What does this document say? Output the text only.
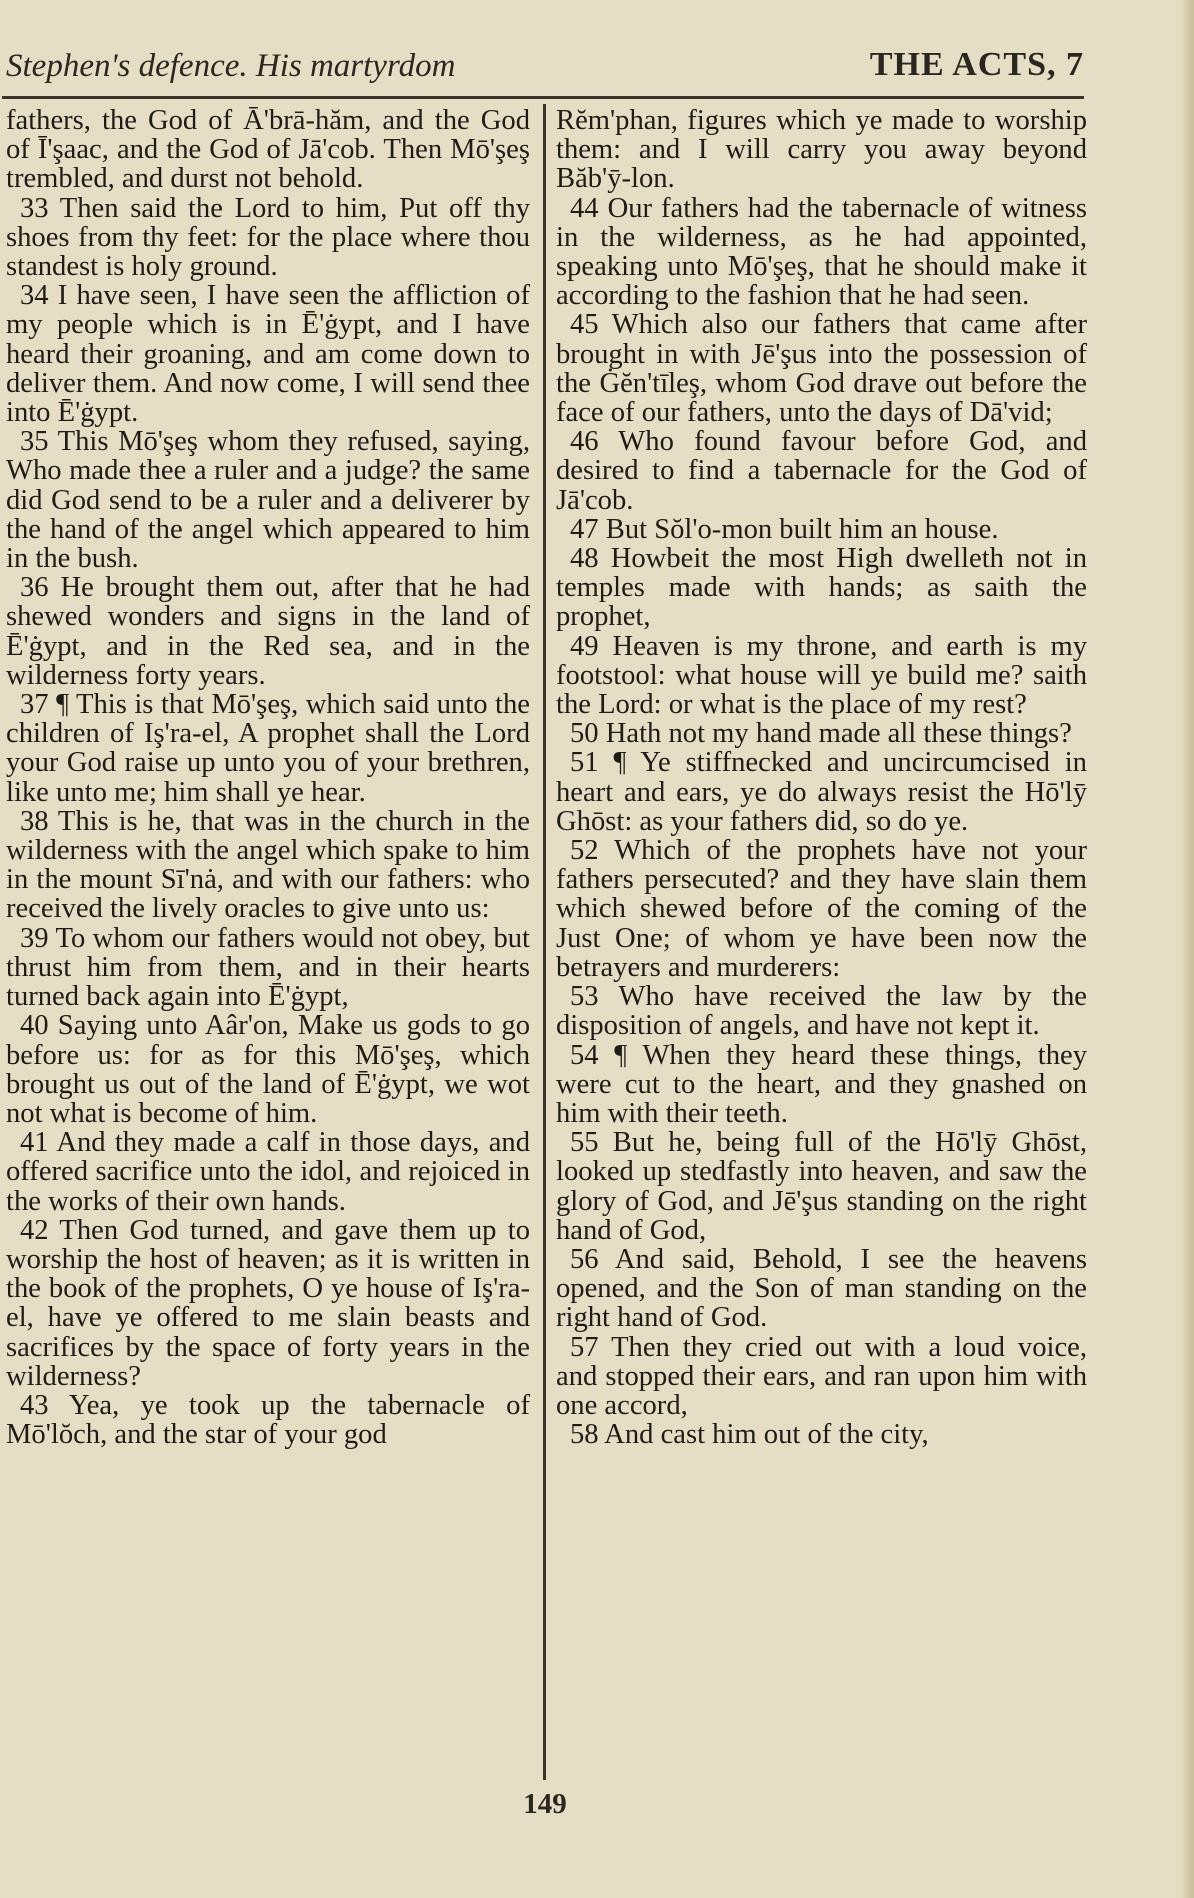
Stephen's defence. His martyrdom	THE ACTS, 7

fathers, the God of Ā'brā-hăm, and the God of Ī'şaac, and the God of Jā'cob. Then Mō'şeş trembled, and durst not behold.

33 Then said the Lord to him, Put off thy shoes from thy feet: for the place where thou standest is holy ground.

34 I have seen, I have seen the affliction of my people which is in Ē'ġypt, and I have heard their groaning, and am come down to deliver them. And now come, I will send thee into Ē'ġypt.

35 This Mō'şeş whom they refused, saying, Who made thee a ruler and a judge? the same did God send to be a ruler and a deliverer by the hand of the angel which appeared to him in the bush.

36 He brought them out, after that he had shewed wonders and signs in the land of Ē'ġypt, and in the Red sea, and in the wilderness forty years.

37 ¶ This is that Mō'şeş, which said unto the children of Iş'ra-el, A prophet shall the Lord your God raise up unto you of your brethren, like unto me; him shall ye hear.

38 This is he, that was in the church in the wilderness with the angel which spake to him in the mount Sī'nȧ, and with our fathers: who received the lively oracles to give unto us:

39 To whom our fathers would not obey, but thrust him from them, and in their hearts turned back again into Ē'ġypt,

40 Saying unto Aâr'on, Make us gods to go before us: for as for this Mō'şeş, which brought us out of the land of Ē'ġypt, we wot not what is become of him.

41 And they made a calf in those days, and offered sacrifice unto the idol, and rejoiced in the works of their own hands.

42 Then God turned, and gave them up to worship the host of heaven; as it is written in the book of the prophets, O ye house of Iş'ra-el, have ye offered to me slain beasts and sacrifices by the space of forty years in the wilderness?

43 Yea, ye took up the tabernacle of Mō'lŏch, and the star of your god

Rĕm'phan, figures which ye made to worship them: and I will carry you away beyond Băb'ȳ-lon.

44 Our fathers had the tabernacle of witness in the wilderness, as he had appointed, speaking unto Mō'şeş, that he should make it according to the fashion that he had seen.

45 Which also our fathers that came after brought in with Jē'şus into the possession of the Ġĕn'tīleş, whom God drave out before the face of our fathers, unto the days of Dā'vid;

46 Who found favour before God, and desired to find a tabernacle for the God of Jā'cob.

47 But Sŏl'o-mon built him an house.

48 Howbeit the most High dwelleth not in temples made with hands; as saith the prophet,

49 Heaven is my throne, and earth is my footstool: what house will ye build me? saith the Lord: or what is the place of my rest?

50 Hath not my hand made all these things?

51 ¶ Ye stiffnecked and uncircumcised in heart and ears, ye do always resist the Hō'lȳ Ghōst: as your fathers did, so do ye.

52 Which of the prophets have not your fathers persecuted? and they have slain them which shewed before of the coming of the Just One; of whom ye have been now the betrayers and murderers:

53 Who have received the law by the disposition of angels, and have not kept it.

54 ¶ When they heard these things, they were cut to the heart, and they gnashed on him with their teeth.

55 But he, being full of the Hō'lȳ Ghōst, looked up stedfastly into heaven, and saw the glory of God, and Jē'şus standing on the right hand of God,

56 And said, Behold, I see the heavens opened, and the Son of man standing on the right hand of God.

57 Then they cried out with a loud voice, and stopped their ears, and ran upon him with one accord,

58 And cast him out of the city,

149
